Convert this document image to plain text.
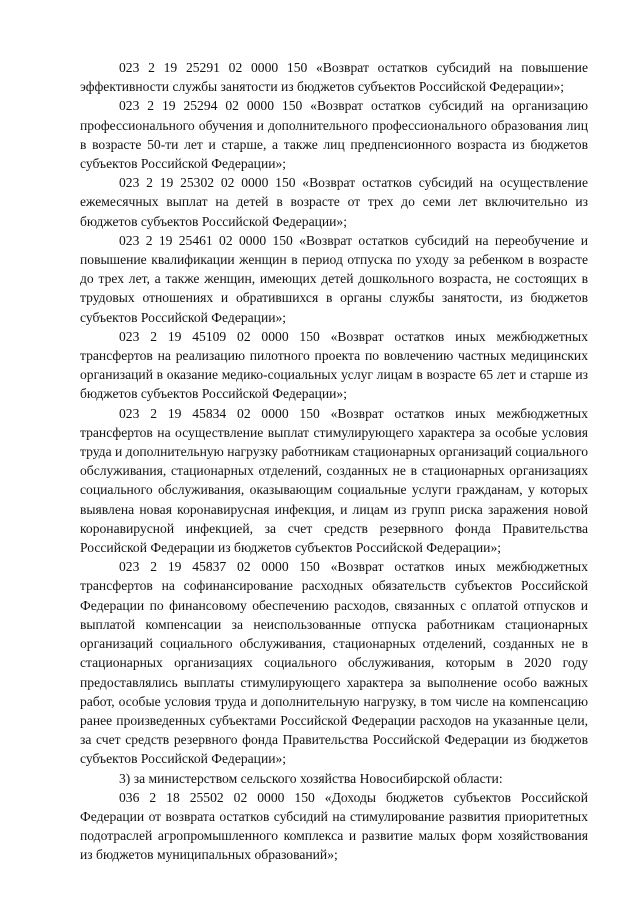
023 2 19 25291 02 0000 150 «Возврат остатков субсидий на повышение эффективности службы занятости из бюджетов субъектов Российской Федерации»;

023 2 19 25294 02 0000 150 «Возврат остатков субсидий на организацию профессионального обучения и дополнительного профессионального образования лиц в возрасте 50-ти лет и старше, а также лиц предпенсионного возраста из бюджетов субъектов Российской Федерации»;

023 2 19 25302 02 0000 150 «Возврат остатков субсидий на осуществление ежемесячных выплат на детей в возрасте от трех до семи лет включительно из бюджетов субъектов Российской Федерации»;

023 2 19 25461 02 0000 150 «Возврат остатков субсидий на переобучение и повышение квалификации женщин в период отпуска по уходу за ребенком в возрасте до трех лет, а также женщин, имеющих детей дошкольного возраста, не состоящих в трудовых отношениях и обратившихся в органы службы занятости, из бюджетов субъектов Российской Федерации»;

023 2 19 45109 02 0000 150 «Возврат остатков иных межбюджетных трансфертов на реализацию пилотного проекта по вовлечению частных медицинских организаций в оказание медико-социальных услуг лицам в возрасте 65 лет и старше из бюджетов субъектов Российской Федерации»;

023 2 19 45834 02 0000 150 «Возврат остатков иных межбюджетных трансфертов на осуществление выплат стимулирующего характера за особые условия труда и дополнительную нагрузку работникам стационарных организаций социального обслуживания, стационарных отделений, созданных не в стационарных организациях социального обслуживания, оказывающим социальные услуги гражданам, у которых выявлена новая коронавирусная инфекция, и лицам из групп риска заражения новой коронавирусной инфекцией, за счет средств резервного фонда Правительства Российской Федерации из бюджетов субъектов Российской Федерации»;

023 2 19 45837 02 0000 150 «Возврат остатков иных межбюджетных трансфертов на софинансирование расходных обязательств субъектов Российской Федерации по финансовому обеспечению расходов, связанных с оплатой отпусков и выплатой компенсации за неиспользованные отпуска работникам стационарных организаций социального обслуживания, стационарных отделений, созданных не в стационарных организациях социального обслуживания, которым в 2020 году предоставлялись выплаты стимулирующего характера за выполнение особо важных работ, особые условия труда и дополнительную нагрузку, в том числе на компенсацию ранее произведенных субъектами Российской Федерации расходов на указанные цели, за счет средств резервного фонда Правительства Российской Федерации из бюджетов субъектов Российской Федерации»;

3) за министерством сельского хозяйства Новосибирской области:

036 2 18 25502 02 0000 150 «Доходы бюджетов субъектов Российской Федерации от возврата остатков субсидий на стимулирование развития приоритетных подотраслей агропромышленного комплекса и развитие малых форм хозяйствования из бюджетов муниципальных образований»;
